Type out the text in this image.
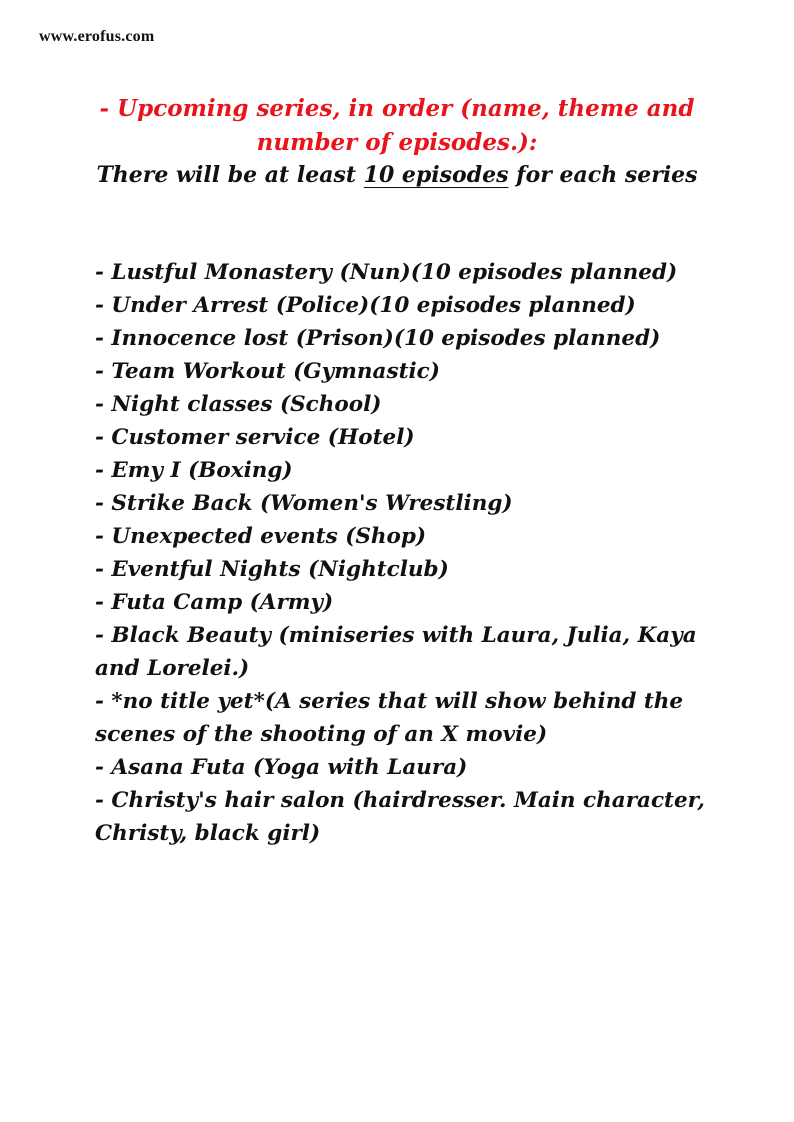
www.erofus.com
- Upcoming series, in order (name, theme and number of episodes.):
There will be at least 10 episodes for each series
- Lustful Monastery (Nun)(10 episodes planned)
- Under Arrest (Police)(10 episodes planned)
- Innocence lost (Prison)(10 episodes planned)
- Team Workout (Gymnastic)
- Night classes (School)
- Customer service (Hotel)
- Emy I (Boxing)
- Strike Back (Women's Wrestling)
- Unexpected events (Shop)
- Eventful Nights (Nightclub)
- Futa Camp (Army)
- Black Beauty (miniseries with Laura, Julia, Kaya and Lorelei.)
- *no title yet*(A series that will show behind the scenes of the shooting of an X movie)
- Asana Futa (Yoga with Laura)
- Christy's hair salon (hairdresser. Main character, Christy, black girl)
